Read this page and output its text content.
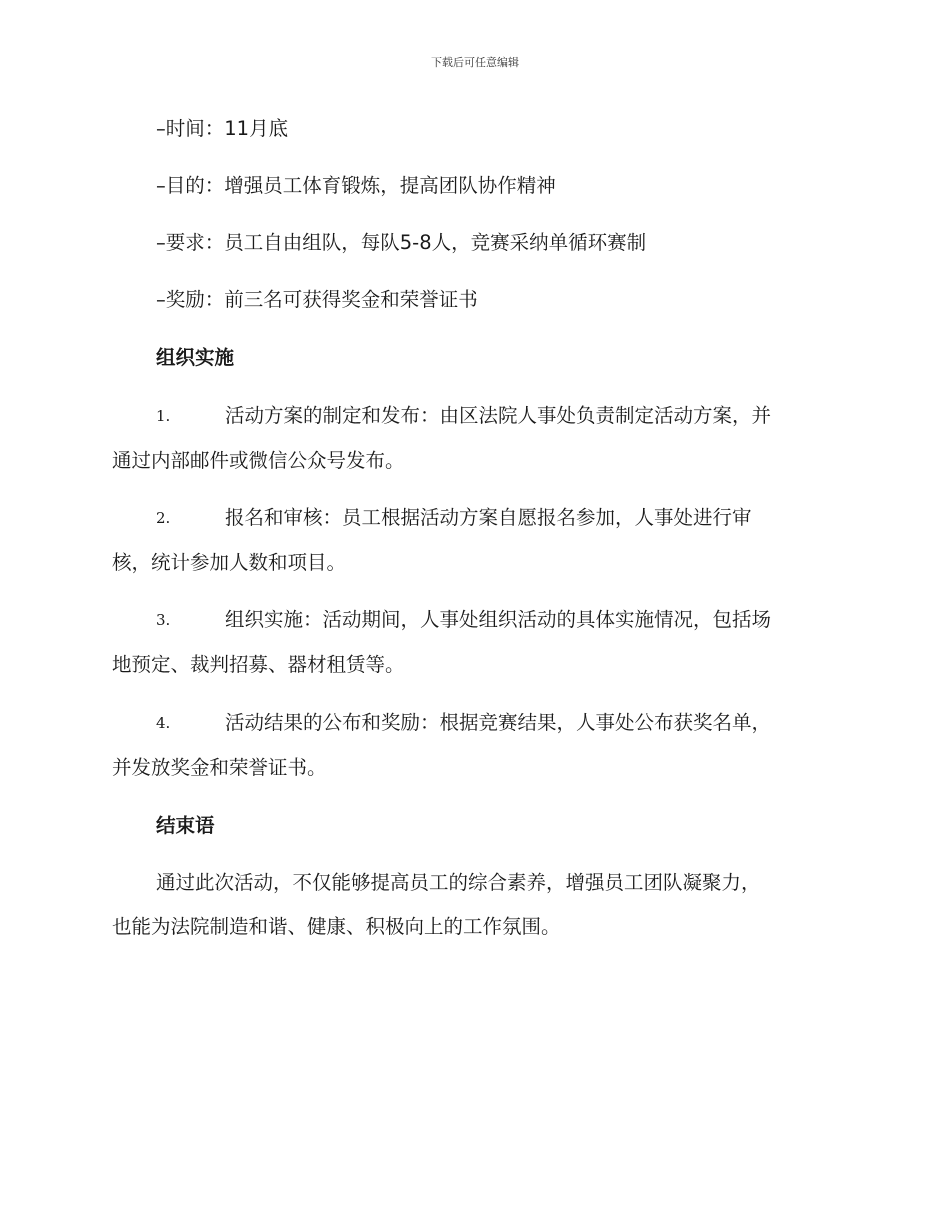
下载后可任意编辑
–时间：11月底
–目的：增强员工体育锻炼，提高团队协作精神
–要求：员工自由组队，每队5-8人，竞赛采纳单循环赛制
–奖励：前三名可获得奖金和荣誉证书
组织实施
1.	活动方案的制定和发布：由区法院人事处负责制定活动方案，并
通过内部邮件或微信公众号发布。
2.	报名和审核：员工根据活动方案自愿报名参加，人事处进行审
核，统计参加人数和项目。
3.	组织实施：活动期间，人事处组织活动的具体实施情况，包括场
地预定、裁判招募、器材租赁等。
4.	活动结果的公布和奖励：根据竞赛结果，人事处公布获奖名单，
并发放奖金和荣誉证书。
结束语
通过此次活动，不仅能够提高员工的综合素养，增强员工团队凝聚力，
也能为法院制造和谐、健康、积极向上的工作氛围。
